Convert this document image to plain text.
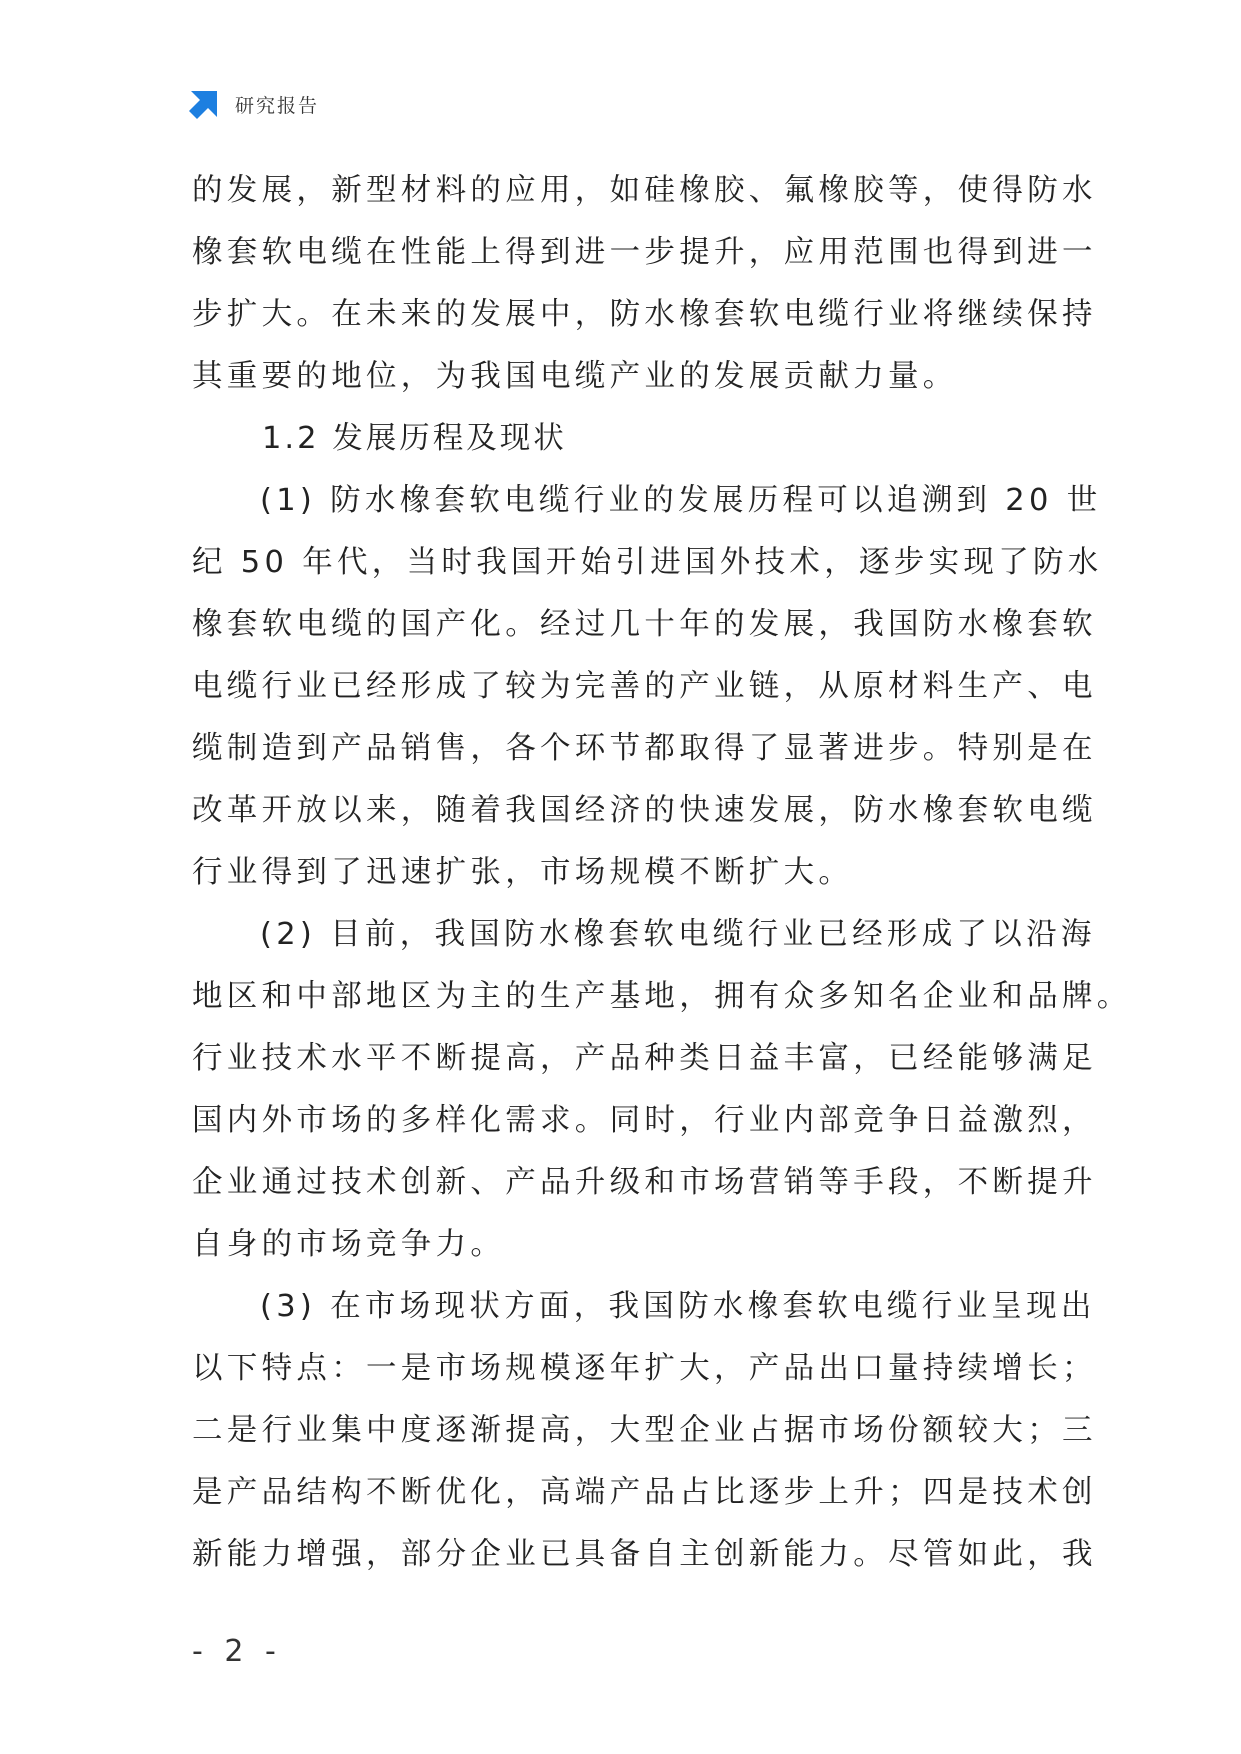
研究报告
的发展，新型材料的应用，如硅橡胶、氟橡胶等，使得防水
橡套软电缆在性能上得到进一步提升，应用范围也得到进一
步扩大。在未来的发展中，防水橡套软电缆行业将继续保持
其重要的地位，为我国电缆产业的发展贡献力量。
1.2 发展历程及现状
(1) 防水橡套软电缆行业的发展历程可以追溯到 20 世
纪 50 年代，当时我国开始引进国外技术，逐步实现了防水
橡套软电缆的国产化。经过几十年的发展，我国防水橡套软
电缆行业已经形成了较为完善的产业链，从原材料生产、电
缆制造到产品销售，各个环节都取得了显著进步。特别是在
改革开放以来，随着我国经济的快速发展，防水橡套软电缆
行业得到了迅速扩张，市场规模不断扩大。
(2) 目前，我国防水橡套软电缆行业已经形成了以沿海
地区和中部地区为主的生产基地，拥有众多知名企业和品牌。
行业技术水平不断提高，产品种类日益丰富，已经能够满足
国内外市场的多样化需求。同时，行业内部竞争日益激烈，
企业通过技术创新、产品升级和市场营销等手段，不断提升
自身的市场竞争力。
(3) 在市场现状方面，我国防水橡套软电缆行业呈现出
以下特点：一是市场规模逐年扩大，产品出口量持续增长；
二是行业集中度逐渐提高，大型企业占据市场份额较大；三
是产品结构不断优化，高端产品占比逐步上升；四是技术创
新能力增强，部分企业已具备自主创新能力。尽管如此，我
- 2 -
